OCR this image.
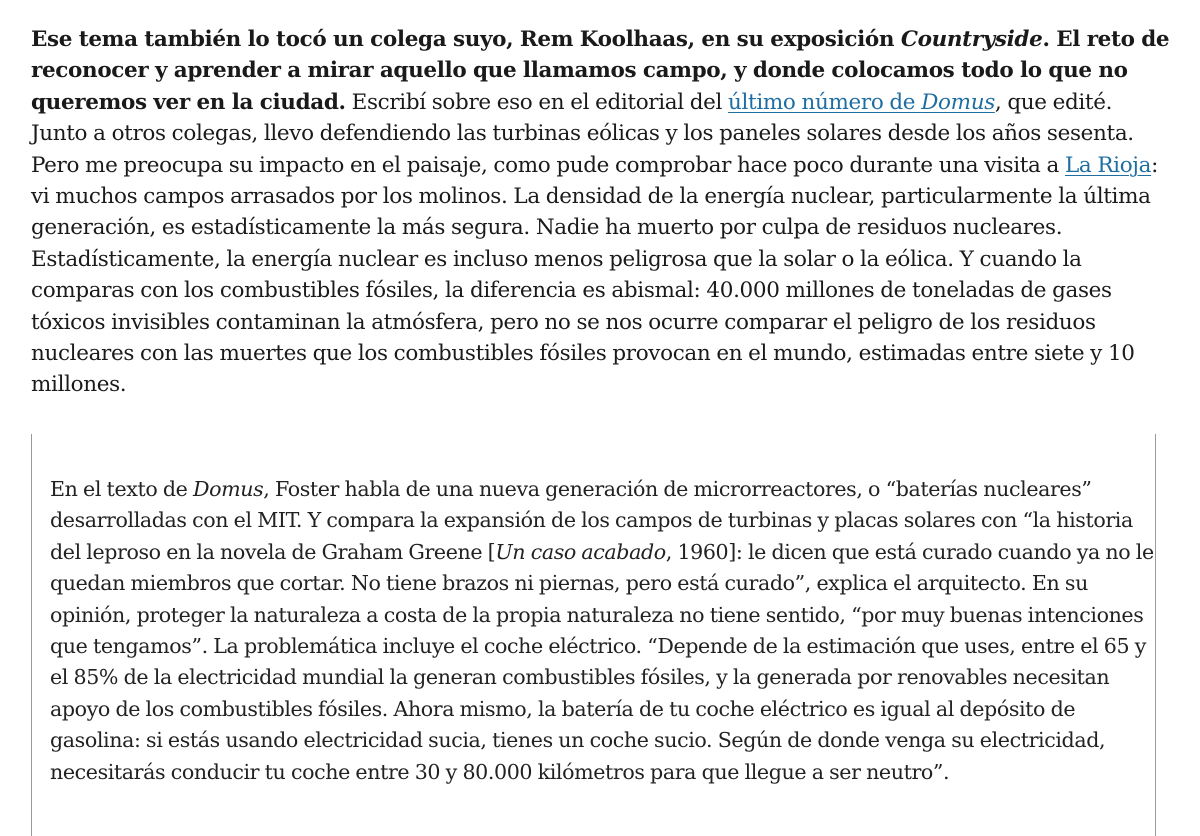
Ese tema también lo tocó un colega suyo, Rem Koolhaas, en su exposición Countryside. El reto de reconocer y aprender a mirar aquello que llamamos campo, y donde colocamos todo lo que no queremos ver en la ciudad. Escribí sobre eso en el editorial del último número de Domus, que edité. Junto a otros colegas, llevo defendiendo las turbinas eólicas y los paneles solares desde los años sesenta. Pero me preocupa su impacto en el paisaje, como pude comprobar hace poco durante una visita a La Rioja: vi muchos campos arrasados por los molinos. La densidad de la energía nuclear, particularmente la última generación, es estadísticamente la más segura. Nadie ha muerto por culpa de residuos nucleares. Estadísticamente, la energía nuclear es incluso menos peligrosa que la solar o la eólica. Y cuando la comparas con los combustibles fósiles, la diferencia es abismal: 40.000 millones de toneladas de gases tóxicos invisibles contaminan la atmósfera, pero no se nos ocurre comparar el peligro de los residuos nucleares con las muertes que los combustibles fósiles provocan en el mundo, estimadas entre siete y 10 millones.

En el texto de Domus, Foster habla de una nueva generación de microrreactores, o “baterías nucleares” desarrolladas con el MIT. Y compara la expansión de los campos de turbinas y placas solares con “la historia del leproso en la novela de Graham Greene [Un caso acabado, 1960]: le dicen que está curado cuando ya no le quedan miembros que cortar. No tiene brazos ni piernas, pero está curado”, explica el arquitecto. En su opinión, proteger la naturaleza a costa de la propia naturaleza no tiene sentido, “por muy buenas intenciones que tengamos”. La problemática incluye el coche eléctrico. “Depende de la estimación que uses, entre el 65 y el 85% de la electricidad mundial la generan combustibles fósiles, y la generada por renovables necesitan apoyo de los combustibles fósiles. Ahora mismo, la batería de tu coche eléctrico es igual al depósito de gasolina: si estás usando electricidad sucia, tienes un coche sucio. Según de donde venga su electricidad, necesitarás conducir tu coche entre 30 y 80.000 kilómetros para que llegue a ser neutro”.
